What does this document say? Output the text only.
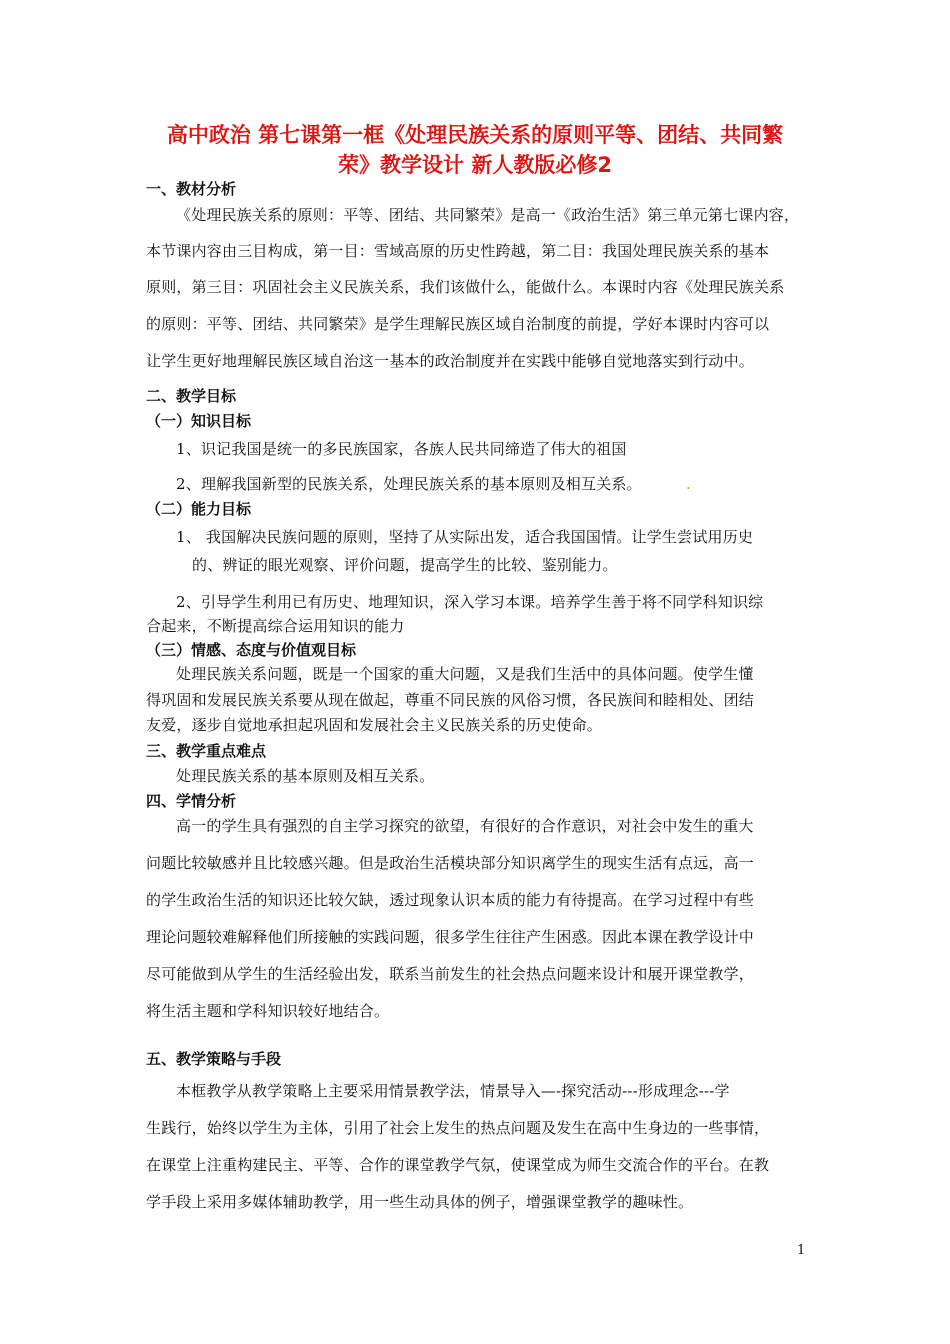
高中政治 第七课第一框《处理民族关系的原则平等、团结、共同繁
荣》教学设计 新人教版必修2
一、教材分析
《处理民族关系的原则：平等、团结、共同繁荣》是高一《政治生活》第三单元第七课内容，
本节课内容由三目构成，第一目：雪域高原的历史性跨越，第二目：我国处理民族关系的基本
原则，第三目：巩固社会主义民族关系，我们该做什么，能做什么。本课时内容《处理民族关系
的原则：平等、团结、共同繁荣》是学生理解民族区域自治制度的前提，学好本课时内容可以
让学生更好地理解民族区域自治这一基本的政治制度并在实践中能够自觉地落实到行动中。
二、教学目标
（一）知识目标
1、识记我国是统一的多民族国家，各族人民共同缔造了伟大的祖国
2、理解我国新型的民族关系，处理民族关系的基本原则及相互关系。	.
（二）能力目标
1、 我国解决民族问题的原则，坚持了从实际出发，适合我国国情。让学生尝试用历史
的、辨证的眼光观察、评价问题，提高学生的比较、鉴别能力。
2、引导学生利用已有历史、地理知识，深入学习本课。培养学生善于将不同学科知识综
合起来，不断提高综合运用知识的能力
（三）情感、态度与价值观目标
处理民族关系问题，既是一个国家的重大问题，又是我们生活中的具体问题。使学生懂
得巩固和发展民族关系要从现在做起，尊重不同民族的风俗习惯，各民族间和睦相处、团结
友爱，逐步自觉地承担起巩固和发展社会主义民族关系的历史使命。
三、教学重点难点
处理民族关系的基本原则及相互关系。
四、学情分析
高一的学生具有强烈的自主学习探究的欲望，有很好的合作意识，对社会中发生的重大
问题比较敏感并且比较感兴趣。但是政治生活模块部分知识离学生的现实生活有点远，高一
的学生政治生活的知识还比较欠缺，透过现象认识本质的能力有待提高。在学习过程中有些
理论问题较难解释他们所接触的实践问题，很多学生往往产生困惑。因此本课在教学设计中
尽可能做到从学生的生活经验出发，联系当前发生的社会热点问题来设计和展开课堂教学，
将生活主题和学科知识较好地结合。
五、教学策略与手段
本框教学从教学策略上主要采用情景教学法，情景导入—-探究活动---形成理念---学
生践行，始终以学生为主体，引用了社会上发生的热点问题及发生在高中生身边的一些事情，
在课堂上注重构建民主、平等、合作的课堂教学气氛，使课堂成为师生交流合作的平台。在教
学手段上采用多媒体辅助教学，用一些生动具体的例子，增强课堂教学的趣味性。
1
